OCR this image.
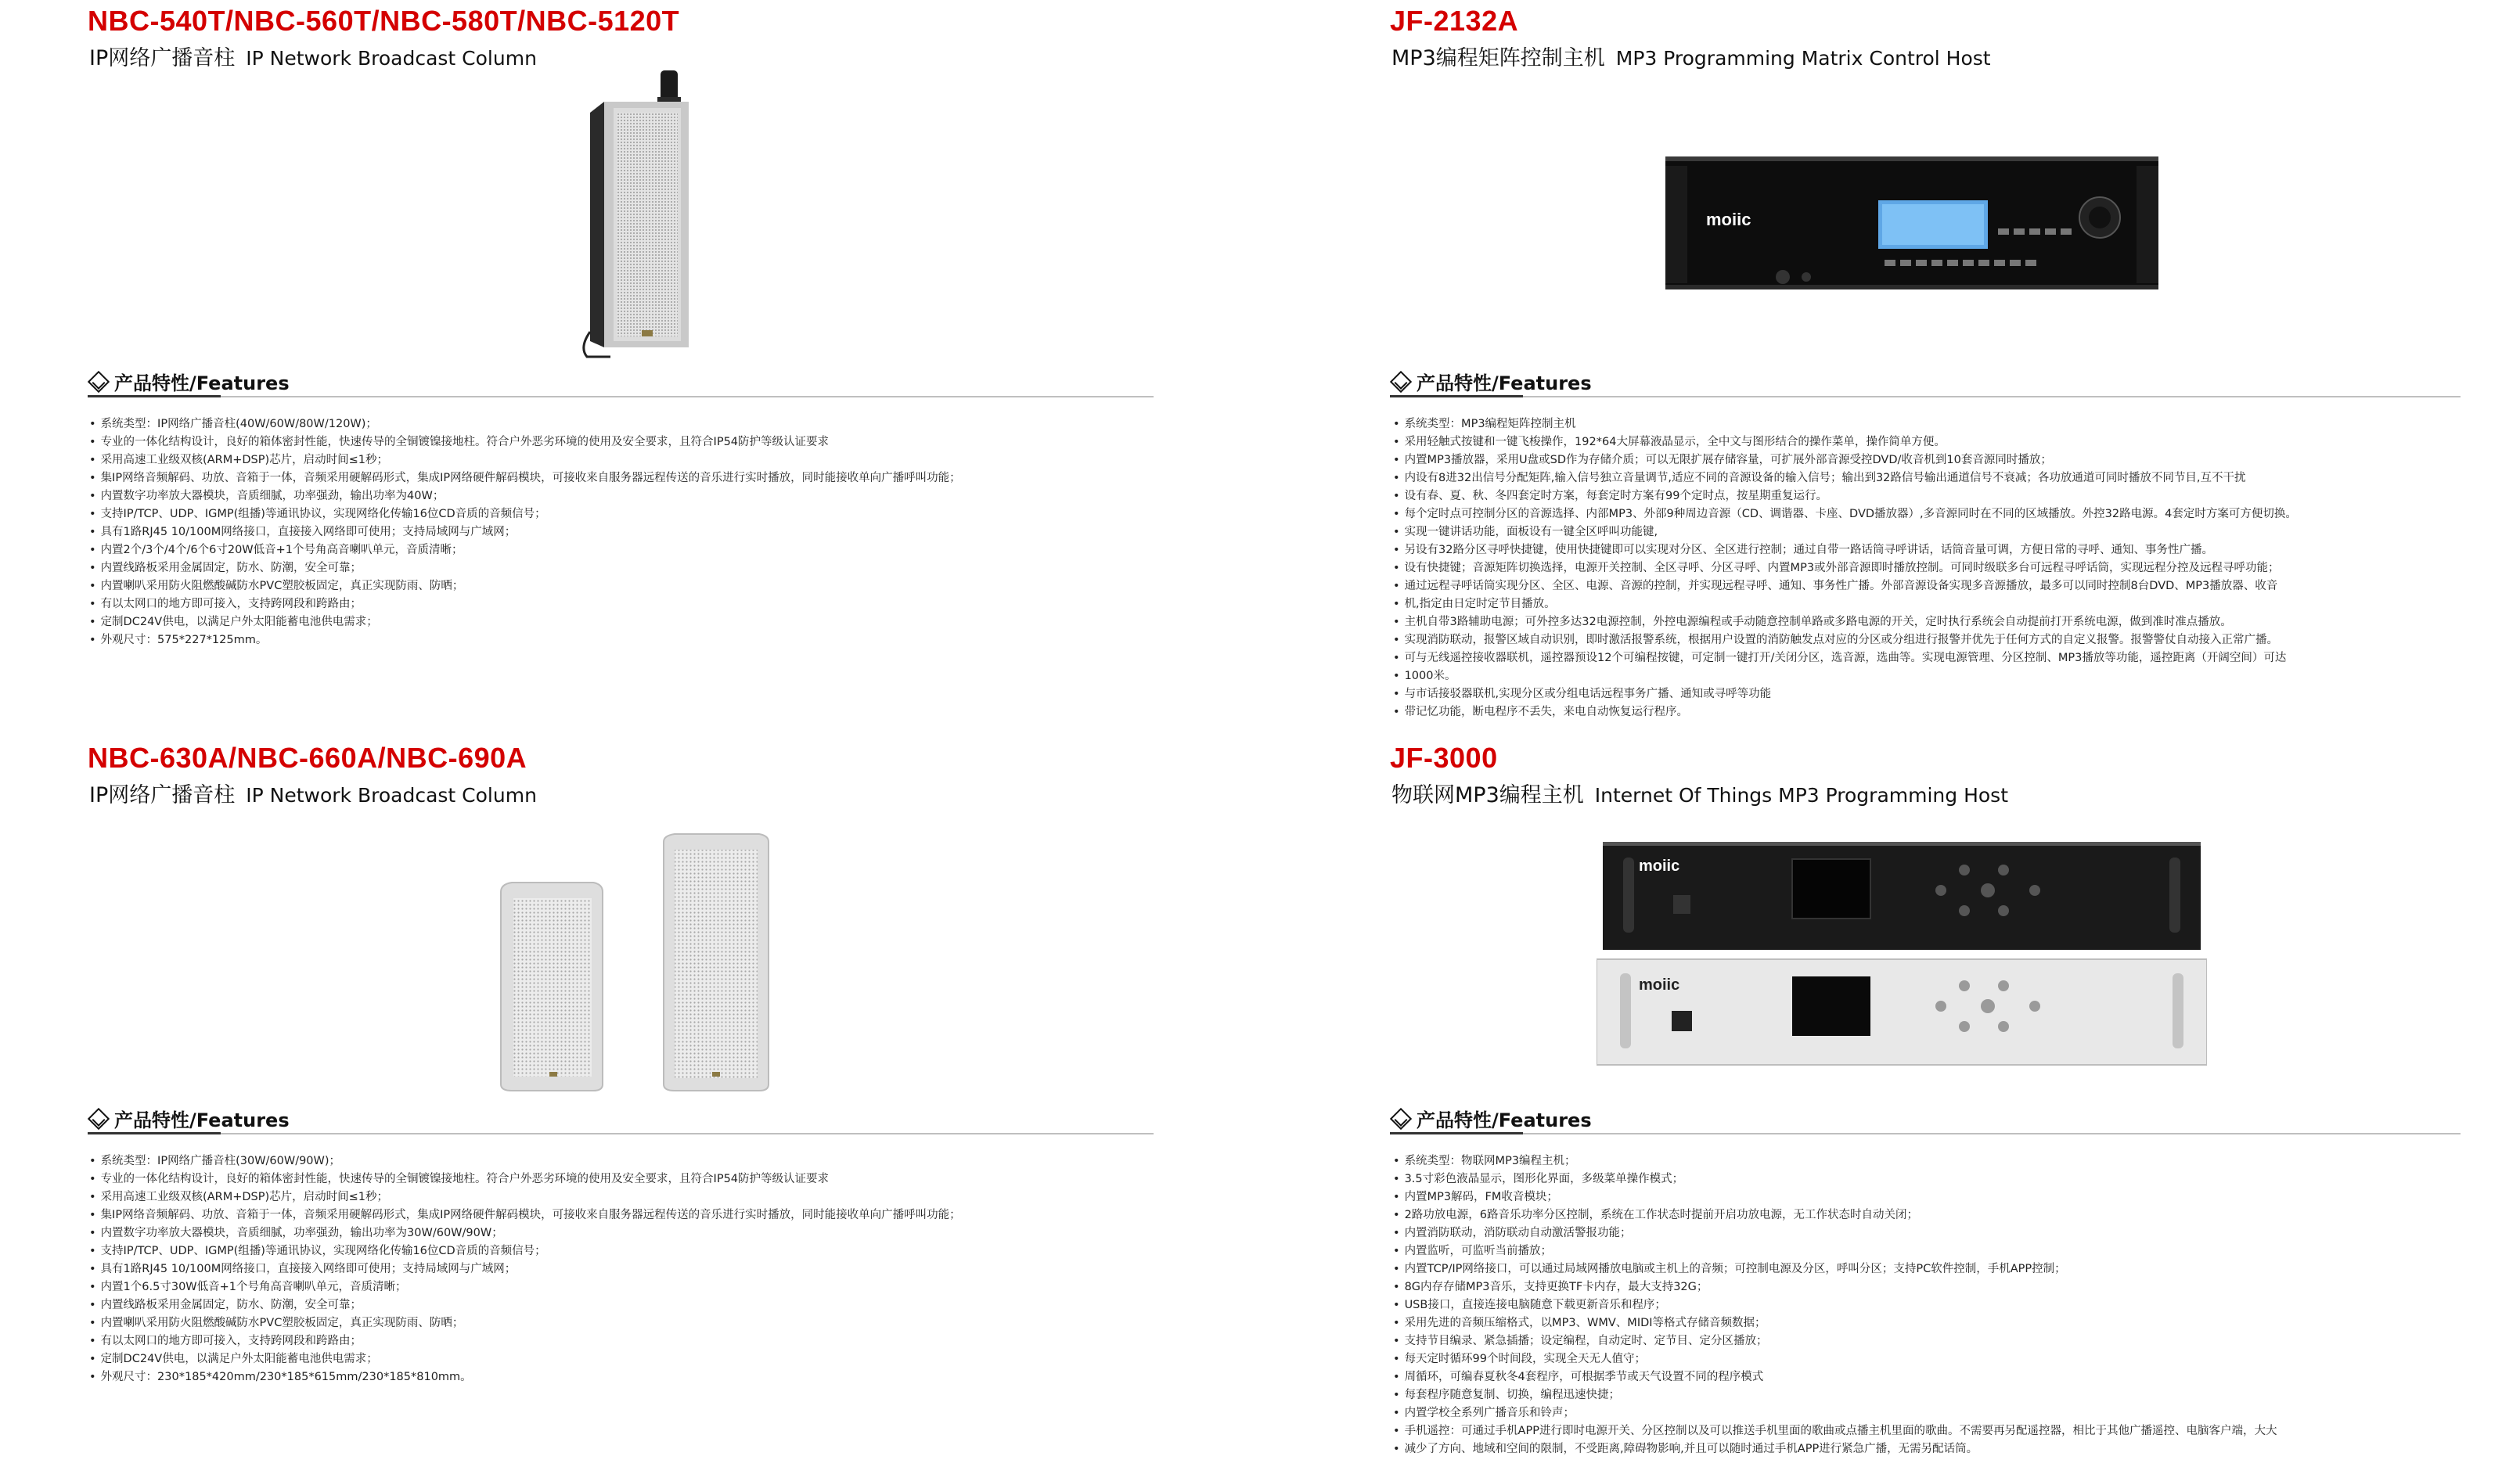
NBC-540T/NBC-560T/NBC-580T/NBC-5120T
IP网络广播音柱 IP Network Broadcast Column
产品特性/Features
• 系统类型：IP网络广播音柱(40W/60W/80W/120W)；
• 专业的一体化结构设计，良好的箱体密封性能，快速传导的全铜镀镍接地柱。符合户外恶劣环境的使用及安全要求，且符合IP54防护等级认证要求
• 采用高速工业级双核(ARM+DSP)芯片，启动时间≤1秒；
• 集IP网络音频解码、功放、音箱于一体，音频采用硬解码形式，集成IP网络硬件解码模块，可接收来自服务器远程传送的音乐进行实时播放，同时能接收单向广播呼叫功能；
• 内置数字功率放大器模块，音质细腻，功率强劲，输出功率为40W；
• 支持IP/TCP、UDP、IGMP(组播)等通讯协议，实现网络化传输16位CD音质的音频信号；
• 具有1路RJ45 10/100M网络接口，直接接入网络即可使用；支持局域网与广域网；
• 内置2个/3个/4个/6个6寸20W低音+1个号角高音喇叭单元，音质清晰；
• 内置线路板采用金属固定，防水、防潮，安全可靠；
• 内置喇叭采用防火阻燃酸碱防水PVC塑胶板固定，真正实现防雨、防晒；
• 有以太网口的地方即可接入，支持跨网段和跨路由；
• 定制DC24V供电，以满足户外太阳能蓄电池供电需求；
• 外观尺寸：575*227*125mm。
JF-2132A
MP3编程矩阵控制主机 MP3 Programming Matrix Control Host
moiic
产品特性/Features
• 系统类型：MP3编程矩阵控制主机
• 采用轻触式按键和一键飞梭操作，192*64大屏幕液晶显示，全中文与图形结合的操作菜单，操作简单方便。
• 内置MP3播放器，采用U盘或SD作为存储介质；可以无限扩展存储容量，可扩展外部音源受控DVD/收音机到10套音源同时播放；
• 内设有8进32出信号分配矩阵,输入信号独立音量调节,适应不同的音源设备的输入信号；输出到32路信号输出通道信号不衰减；各功放通道可同时播放不同节目,互不干扰
• 设有春、夏、秋、冬四套定时方案，每套定时方案有99个定时点，按星期重复运行。
• 每个定时点可控制分区的音源选择、内部MP3、外部9种周边音源（CD、调谐器、卡座、DVD播放器）,多音源同时在不同的区域播放。外控32路电源。4套定时方案可方便切换。
• 实现一键讲话功能，面板设有一键全区呼叫功能键,
• 另设有32路分区寻呼快捷键，使用快捷键即可以实现对分区、全区进行控制；通过自带一路话筒寻呼讲话，话筒音量可调，方便日常的寻呼、通知、事务性广播。
• 设有快捷键；音源矩阵切换选择，电源开关控制、全区寻呼、分区寻呼、内置MP3或外部音源即时播放控制。可同时级联多台可远程寻呼话筒，实现远程分控及远程寻呼功能；
• 通过远程寻呼话筒实现分区、全区、电源、音源的控制，并实现远程寻呼、通知、事务性广播。外部音源设备实现多音源播放，最多可以同时控制8台DVD、MP3播放器、收音
• 机,指定由日定时定节目播放。
• 主机自带3路辅助电源；可外控多达32电源控制，外控电源编程或手动随意控制单路或多路电源的开关，定时执行系统会自动提前打开系统电源，做到准时准点播放。
• 实现消防联动，报警区域自动识别，即时激活报警系统，根据用户设置的消防触发点对应的分区或分组进行报警并优先于任何方式的自定义报警。报警警仗自动接入正常广播。
• 可与无线遥控接收器联机，遥控器预设12个可编程按键，可定制一键打开/关闭分区，选音源，选曲等。实现电源管理、分区控制、MP3播放等功能，遥控距离（开阔空间）可达
• 1000米。
• 与市话接驳器联机,实现分区或分组电话远程事务广播、通知或寻呼等功能
• 带记忆功能，断电程序不丢失，来电自动恢复运行程序。
NBC-630A/NBC-660A/NBC-690A
IP网络广播音柱 IP Network Broadcast Column
产品特性/Features
• 系统类型：IP网络广播音柱(30W/60W/90W)；
• 专业的一体化结构设计，良好的箱体密封性能，快速传导的全铜镀镍接地柱。符合户外恶劣环境的使用及安全要求，且符合IP54防护等级认证要求
• 采用高速工业级双核(ARM+DSP)芯片，启动时间≤1秒；
• 集IP网络音频解码、功放、音箱于一体，音频采用硬解码形式，集成IP网络硬件解码模块，可接收来自服务器远程传送的音乐进行实时播放，同时能接收单向广播呼叫功能；
• 内置数字功率放大器模块，音质细腻，功率强劲，输出功率为30W/60W/90W；
• 支持IP/TCP、UDP、IGMP(组播)等通讯协议，实现网络化传输16位CD音质的音频信号；
• 具有1路RJ45 10/100M网络接口，直接接入网络即可使用；支持局域网与广域网；
• 内置1个6.5寸30W低音+1个号角高音喇叭单元，音质清晰；
• 内置线路板采用金属固定，防水、防潮，安全可靠；
• 内置喇叭采用防火阻燃酸碱防水PVC塑胶板固定，真正实现防雨、防晒；
• 有以太网口的地方即可接入，支持跨网段和跨路由；
• 定制DC24V供电，以满足户外太阳能蓄电池供电需求；
• 外观尺寸：230*185*420mm/230*185*615mm/230*185*810mm。
JF-3000
物联网MP3编程主机 Internet Of Things MP3 Programming Host
moiic
moiic
产品特性/Features
• 系统类型：物联网MP3编程主机；
• 3.5寸彩色液晶显示，图形化界面，多级菜单操作模式；
• 内置MP3解码，FM收音模块；
• 2路功放电源，6路音乐功率分区控制，系统在工作状态时提前开启功放电源，无工作状态时自动关闭；
• 内置消防联动，消防联动自动激活警报功能；
• 内置监听，可监听当前播放；
• 内置TCP/IP网络接口，可以通过局域网播放电脑或主机上的音频；可控制电源及分区，呼叫分区；支持PC软件控制，手机APP控制；
• 8G内存存储MP3音乐，支持更换TF卡内存，最大支持32G；
• USB接口，直接连接电脑随意下载更新音乐和程序；
• 采用先进的音频压缩格式，以MP3、WMV、MIDI等格式存储音频数据；
• 支持节目编录、紧急插播；设定编程，自动定时、定节目、定分区播放；
• 每天定时循环99个时间段，实现全天无人值守；
• 周循环，可编春夏秋冬4套程序，可根据季节或天气设置不同的程序模式
• 每套程序随意复制、切换，编程迅速快捷；
• 内置学校全系列广播音乐和铃声；
• 手机遥控：可通过手机APP进行即时电源开关、分区控制以及可以推送手机里面的歌曲或点播主机里面的歌曲。不需要再另配遥控器，相比于其他广播遥控、电脑客户端，大大
• 减少了方向、地域和空间的限制，不受距离,障碍物影响,并且可以随时通过手机APP进行紧急广播，无需另配话筒。
